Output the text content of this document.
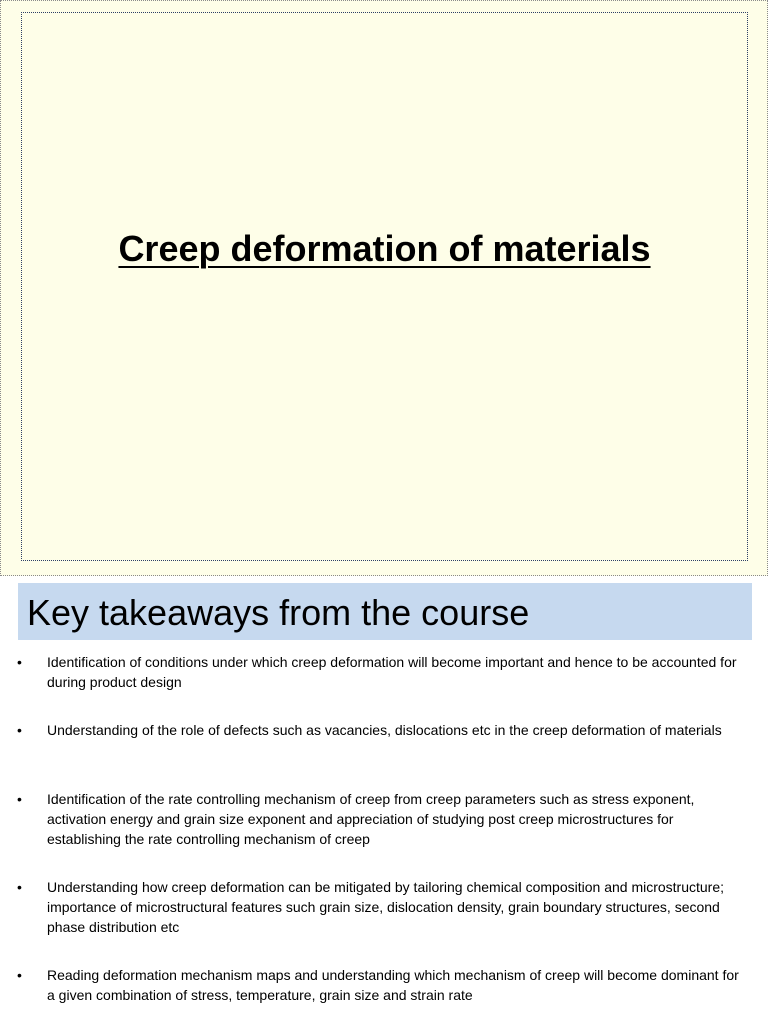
Creep deformation of materials
Key takeaways from the course
• Identification of conditions under which creep deformation will become important and hence to be accounted for during product design
• Understanding of the role of defects such as vacancies, dislocations etc in the creep deformation of materials
• Identification of the rate controlling mechanism of creep from creep parameters such as stress exponent, activation energy and grain size exponent and appreciation of studying post creep microstructures for establishing the rate controlling mechanism of creep
• Understanding how creep deformation can be mitigated by tailoring chemical composition and microstructure; importance of microstructural features such grain size, dislocation density, grain boundary structures, second phase distribution etc
• Reading deformation mechanism maps and understanding which mechanism of creep will become dominant for a given combination of stress, temperature, grain size and strain rate
